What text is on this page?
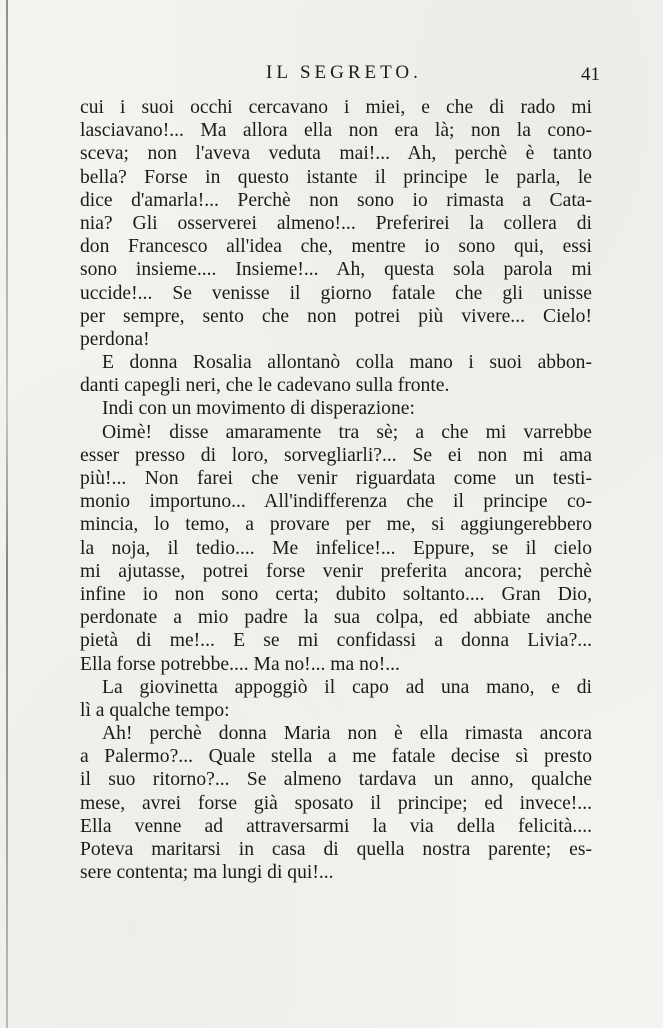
IL SEGRETO.	41
cui i suoi occhi cercavano i miei, e che di rado mi
lasciavano!... Ma allora ella non era là; non la cono-
sceva; non l'aveva veduta mai!... Ah, perchè è tanto
bella? Forse in questo istante il principe le parla, le
dice d'amarla!... Perchè non sono io rimasta a Cata-
nia? Gli osserverei almeno!... Preferirei la collera di
don Francesco all'idea che, mentre io sono qui, essi
sono insieme.... Insieme!... Ah, questa sola parola mi
uccide!... Se venisse il giorno fatale che gli unisse
per sempre, sento che non potrei più vivere... Cielo!
perdona!
E donna Rosalia allontanò colla mano i suoi abbon-
danti capegli neri, che le cadevano sulla fronte.
Indi con un movimento di disperazione:
Oimè! disse amaramente tra sè; a che mi varrebbe
esser presso di loro, sorvegliarli?... Se ei non mi ama
più!... Non farei che venir riguardata come un testi-
monio importuno... All'indifferenza che il principe co-
mincia, lo temo, a provare per me, si aggiungerebbero
la noja, il tedio.... Me infelice!... Eppure, se il cielo
mi ajutasse, potrei forse venir preferita ancora; perchè
infine io non sono certa; dubito soltanto.... Gran Dio,
perdonate a mio padre la sua colpa, ed abbiate anche
pietà di me!... E se mi confidassi a donna Livia?...
Ella forse potrebbe.... Ma no!... ma no!...
La giovinetta appoggiò il capo ad una mano, e di
lì a qualche tempo:
Ah! perchè donna Maria non è ella rimasta ancora
a Palermo?... Quale stella a me fatale decise sì presto
il suo ritorno?... Se almeno tardava un anno, qualche
mese, avrei forse già sposato il principe; ed invece!...
Ella venne ad attraversarmi la via della felicità....
Poteva maritarsi in casa di quella nostra parente; es-
sere contenta; ma lungi di qui!...
